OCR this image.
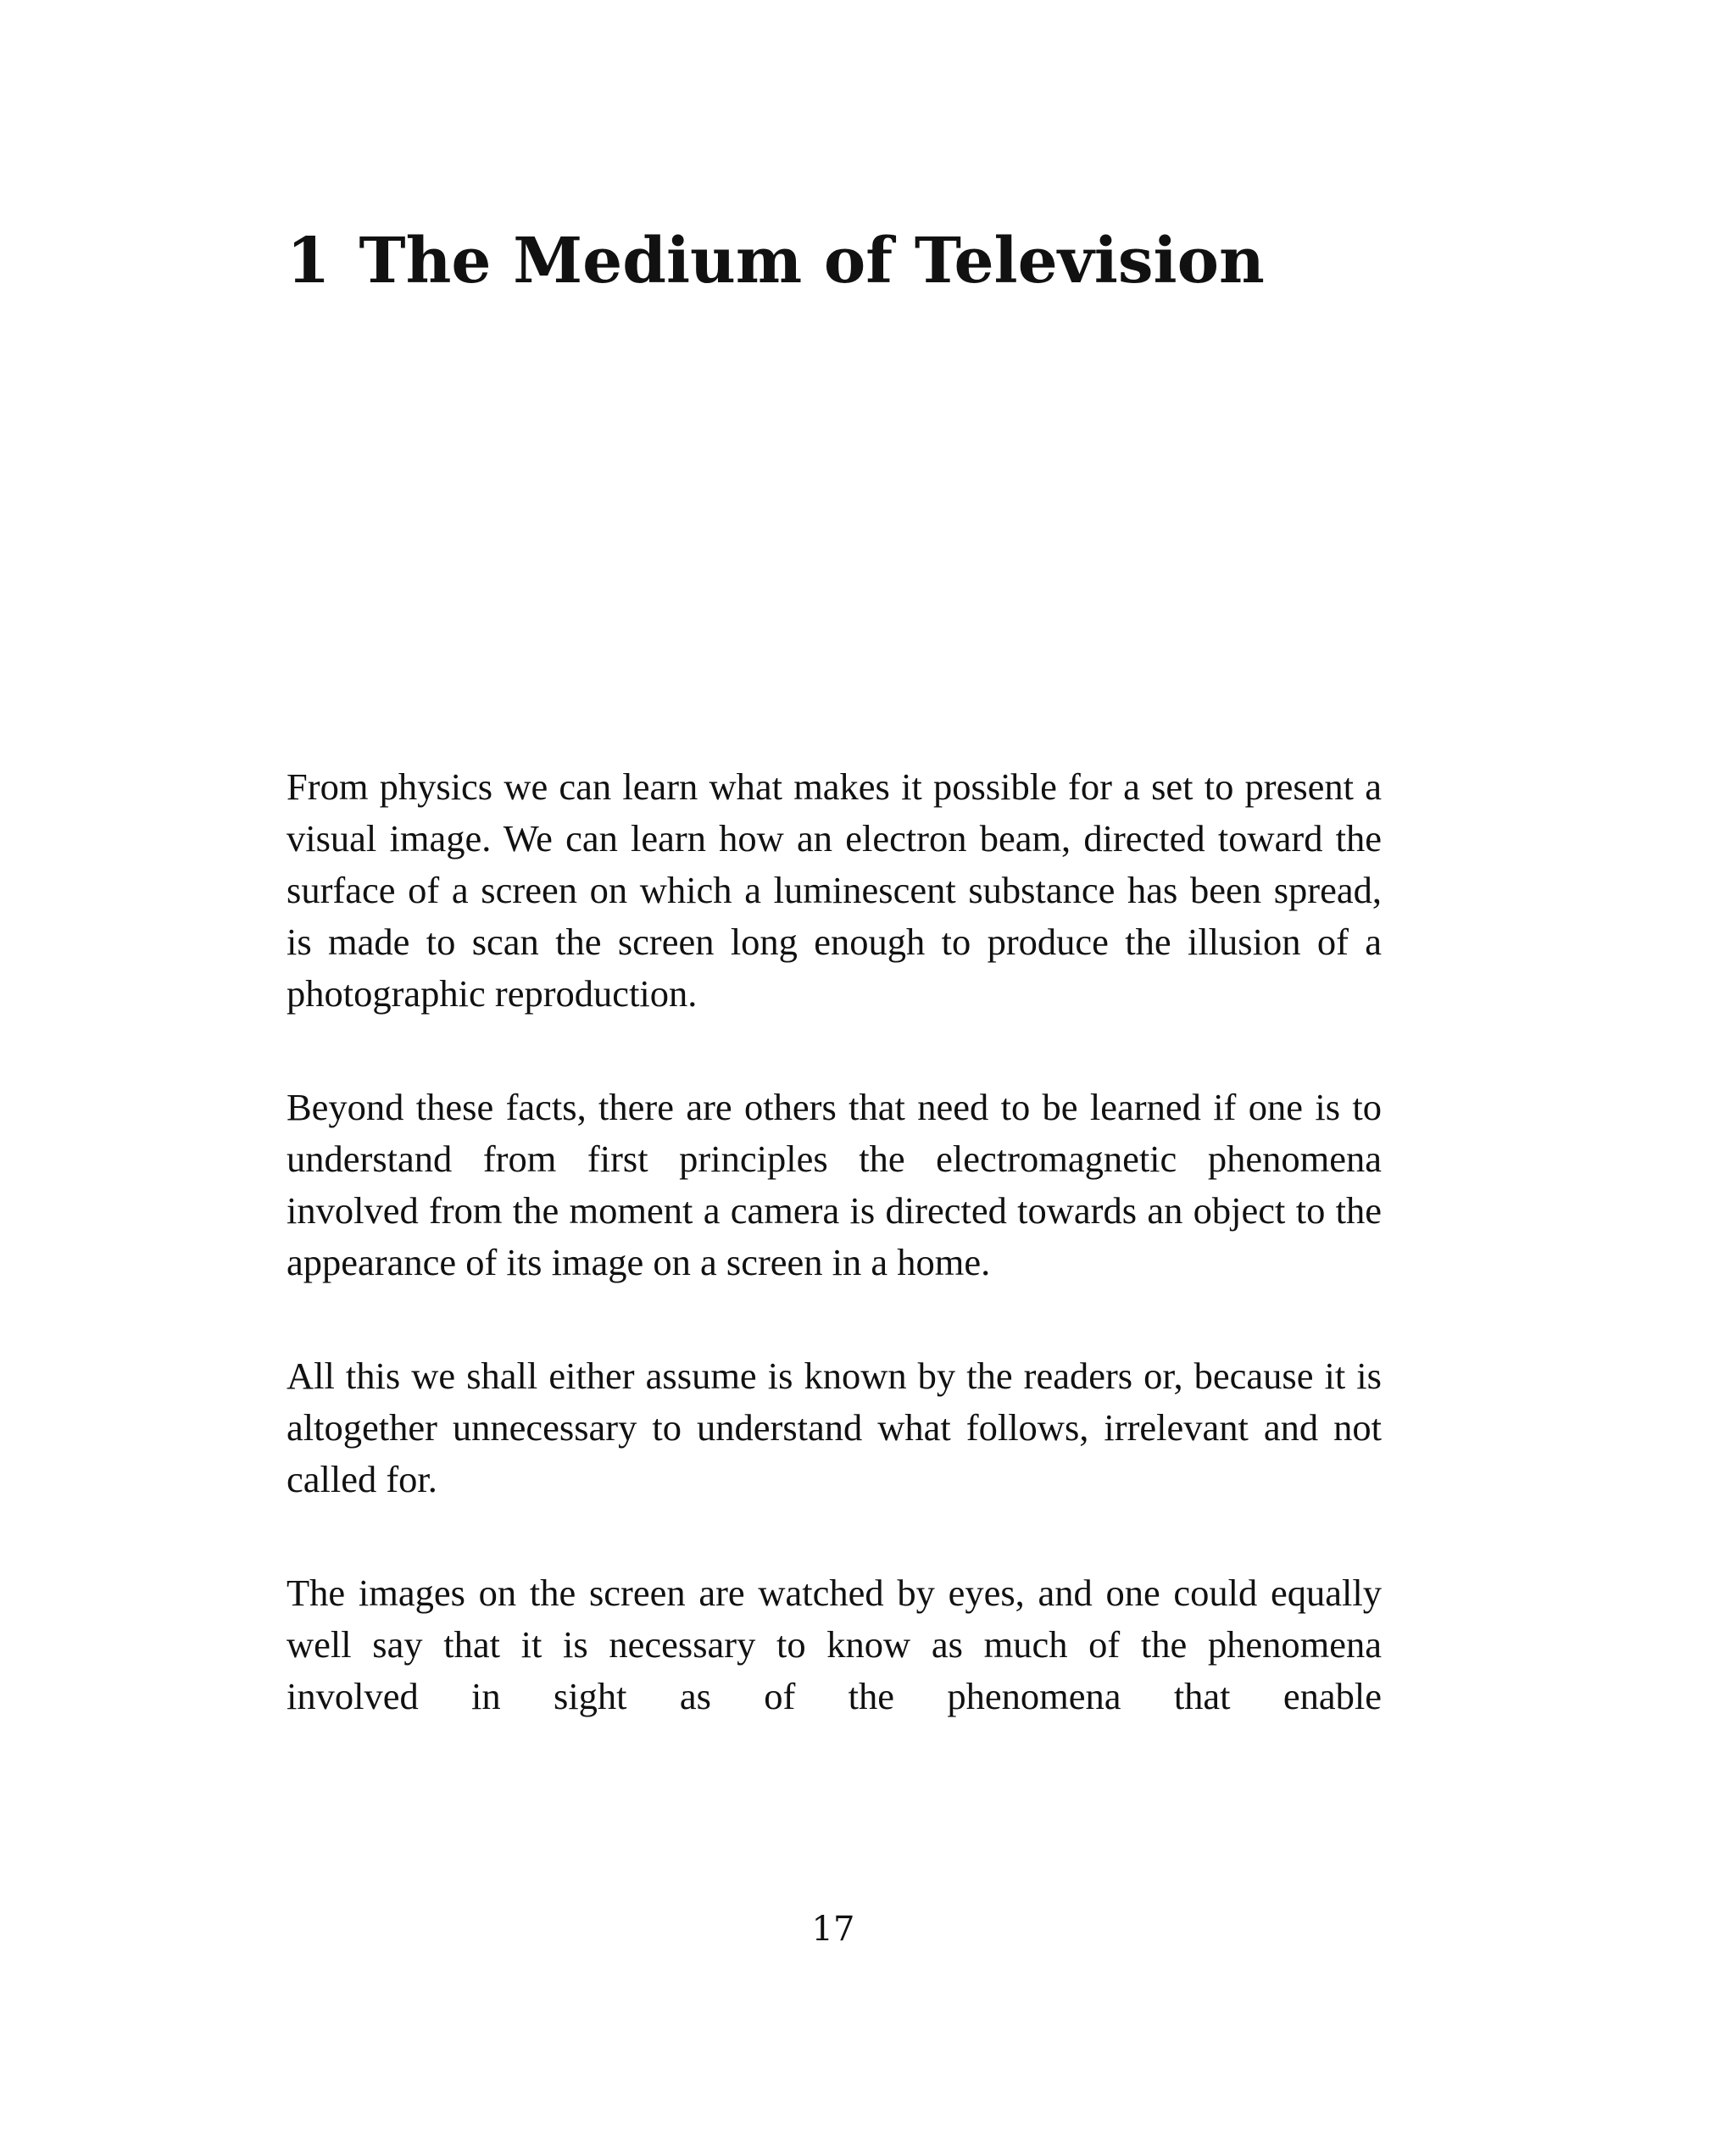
1 The Medium of Television

From physics we can learn what makes it possible for a set to present a visual image. We can learn how an electron beam, directed toward the surface of a screen on which a luminescent substance has been spread, is made to scan the screen long enough to produce the illusion of a photographic reproduction.

Beyond these facts, there are others that need to be learned if one is to understand from first principles the electromagnetic phenomena involved from the moment a camera is directed towards an object to the appearance of its image on a screen in a home.

All this we shall either assume is known by the readers or, because it is altogether unnecessary to understand what follows, irrelevant and not called for.

The images on the screen are watched by eyes, and one could equally well say that it is necessary to know as much of the phenomena involved in sight as of the phenomena that enable

17
